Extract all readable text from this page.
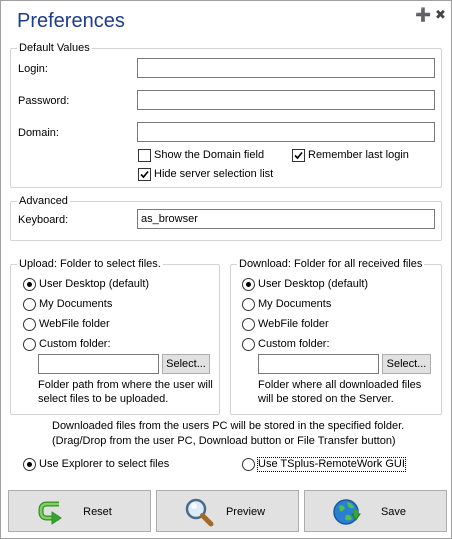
Preferences	➕ ✖
Default Values
Login:
Password:
Domain:
Show the Domain field	Remember last login
Hide server selection list
Advanced
Keyboard:	as_browser
Upload: Folder to select files.
User Desktop (default)
My Documents
WebFile folder
Custom folder:
Select...
Folder path from where the user will
select files to be uploaded.
Download: Folder for all received files
User Desktop (default)
My Documents
WebFile folder
Custom folder:
Select...
Folder where all downloaded files
will be stored on the Server.
Downloaded files from the users PC will be stored in the specified folder.
(Drag/Drop from the user PC, Download button or File Transfer button)
Use Explorer to select files	Use TSplus-RemoteWork GUI
Reset	Preview	Save
